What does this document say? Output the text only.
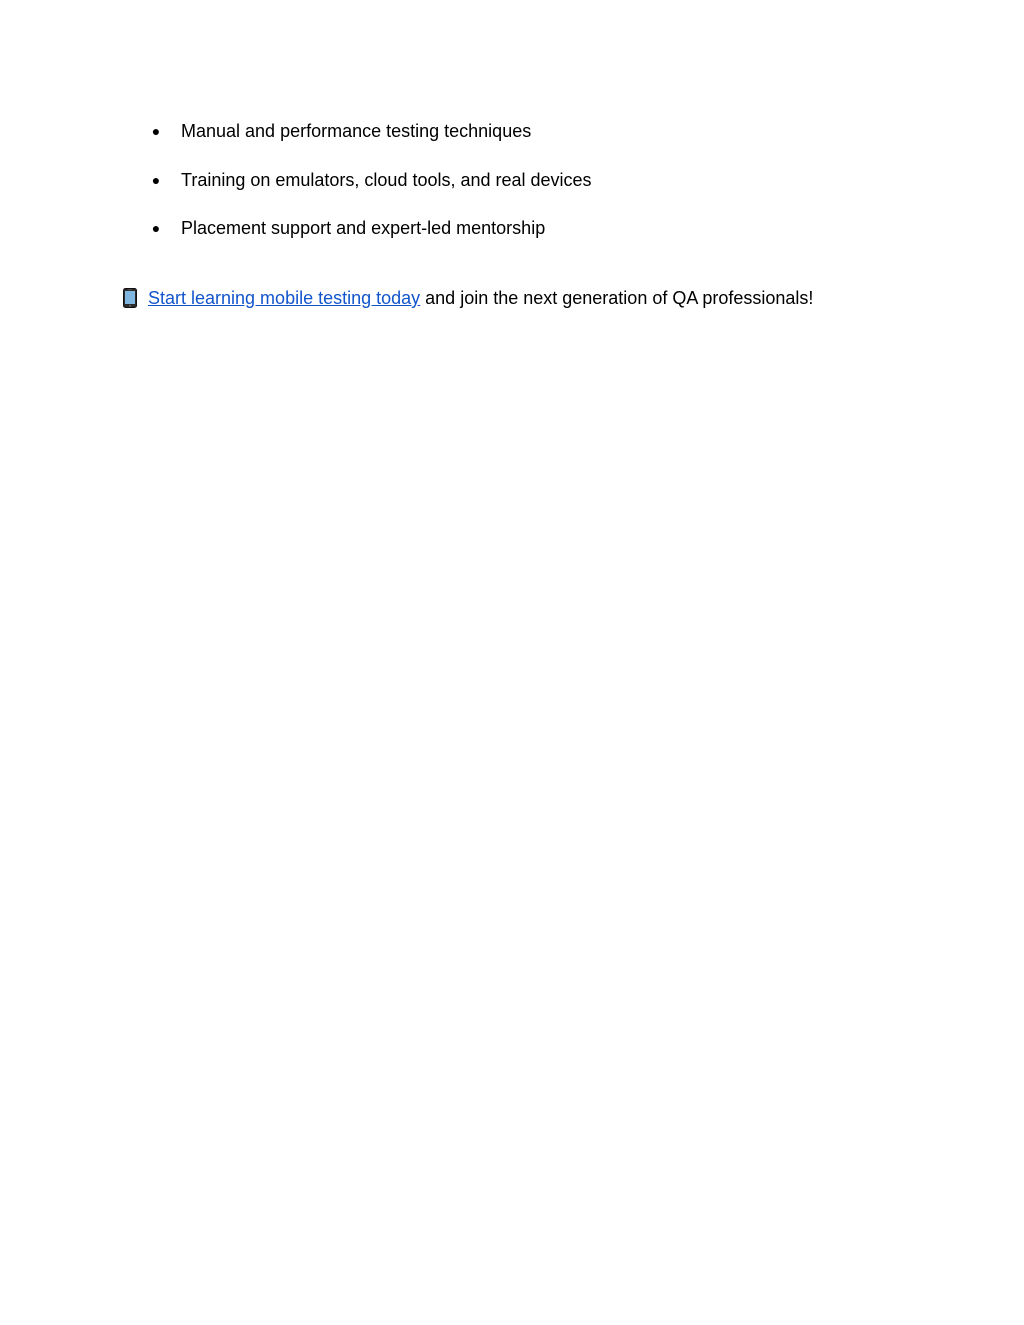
● Manual and performance testing techniques
● Training on emulators, cloud tools, and real devices
● Placement support and expert-led mentorship

Start learning mobile testing today and join the next generation of QA professionals!
